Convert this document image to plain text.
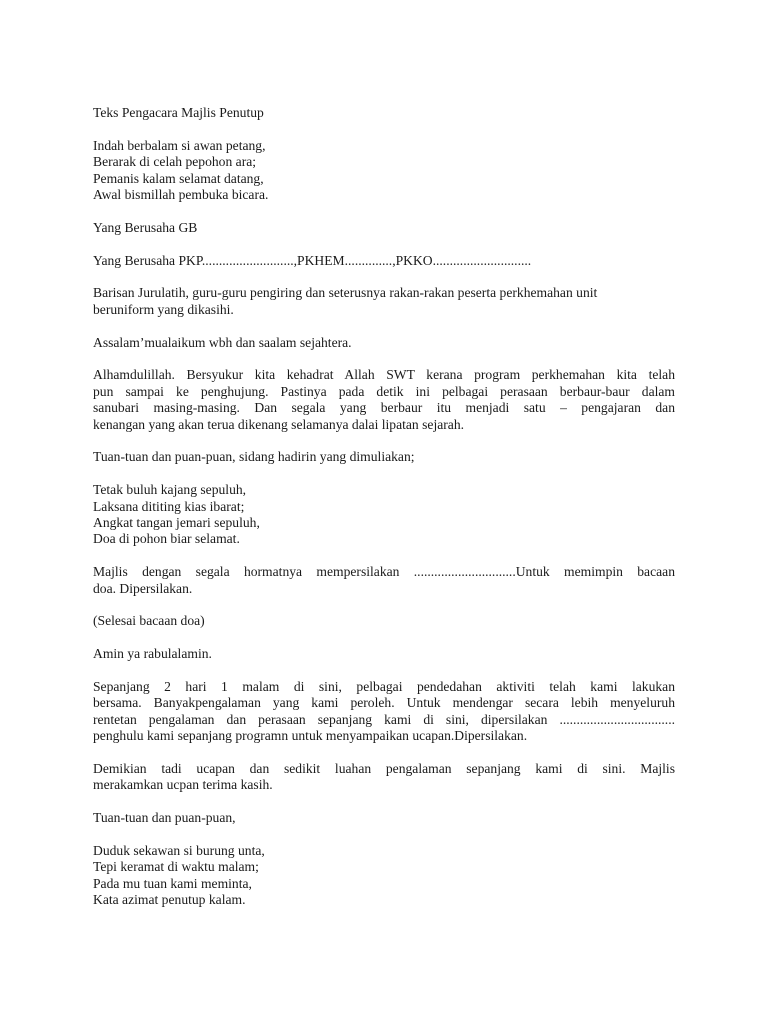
Teks Pengacara Majlis Penutup
Indah berbalam si awan petang,
Berarak di celah pepohon ara;
Pemanis kalam selamat datang,
Awal bismillah pembuka bicara.
Yang Berusaha GB
Yang Berusaha PKP...........................,PKHEM..............,PKKO.............................
Barisan Jurulatih, guru-guru pengiring dan seterusnya rakan-rakan peserta perkhemahan unit
beruniform yang dikasihi.
Assalam’mualaikum wbh dan saalam sejahtera.
Alhamdulillah. Bersyukur kita kehadrat Allah SWT kerana program perkhemahan kita telah
pun sampai ke penghujung. Pastinya pada detik ini pelbagai perasaan berbaur-baur dalam
sanubari masing-masing. Dan segala yang berbaur itu menjadi satu – pengajaran dan
kenangan yang akan terua dikenang selamanya dalai lipatan sejarah.
Tuan-tuan dan puan-puan, sidang hadirin yang dimuliakan;
Tetak buluh kajang sepuluh,
Laksana dititing kias ibarat;
Angkat tangan jemari sepuluh,
Doa di pohon biar selamat.
Majlis dengan segala hormatnya mempersilakan ..............................Untuk memimpin bacaan
doa. Dipersilakan.
(Selesai bacaan doa)
Amin ya rabulalamin.
Sepanjang 2 hari 1 malam di sini, pelbagai pendedahan aktiviti telah kami lakukan
bersama. Banyakpengalaman yang kami peroleh. Untuk mendengar secara lebih menyeluruh
rentetan pengalaman dan perasaan sepanjang kami di sini, dipersilakan ..................................
penghulu kami sepanjang programn untuk menyampaikan ucapan.Dipersilakan.
Demikian tadi ucapan dan sedikit luahan pengalaman sepanjang kami di sini. Majlis
merakamkan ucpan terima kasih.
Tuan-tuan dan puan-puan,
Duduk sekawan si burung unta,
Tepi keramat di waktu malam;
Pada mu tuan kami meminta,
Kata azimat penutup kalam.
